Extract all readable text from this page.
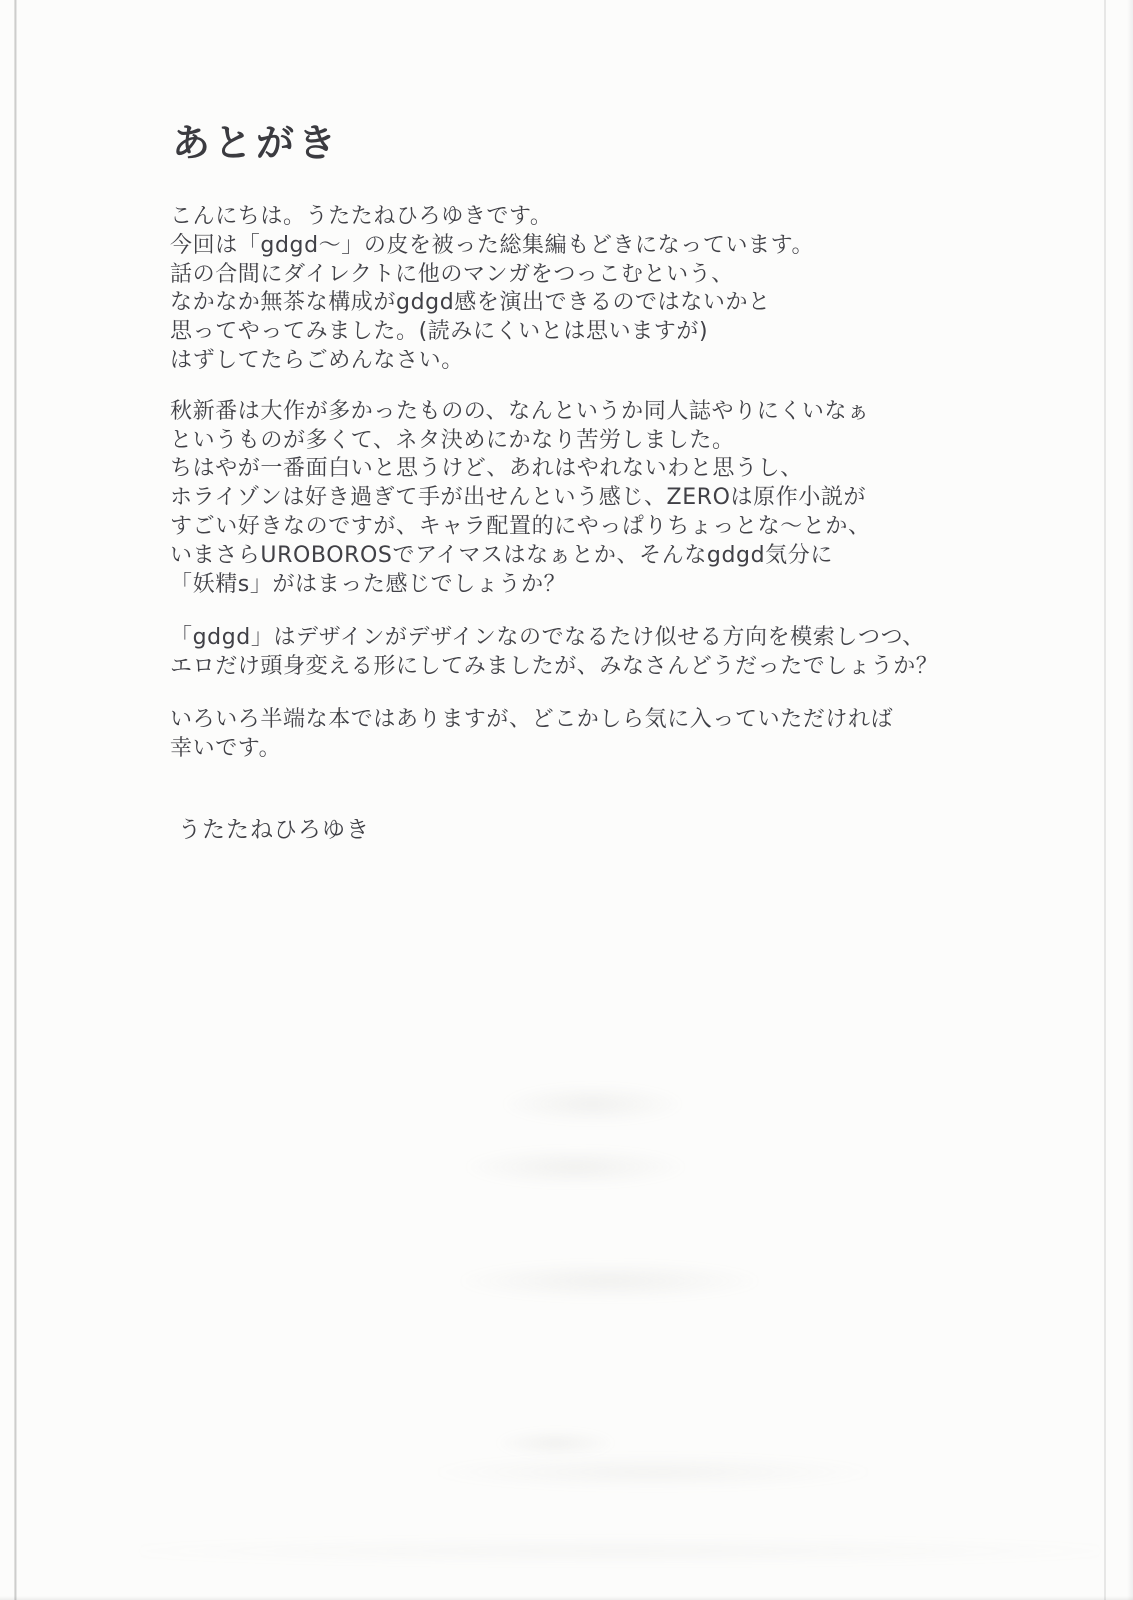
あとがき

こんにちは。うたたねひろゆきです。
今回は「gdgd～」の皮を被った総集編もどきになっています。
話の合間にダイレクトに他のマンガをつっこむという、
なかなか無茶な構成がgdgd感を演出できるのではないかと
思ってやってみました。(読みにくいとは思いますが)
はずしてたらごめんなさい。

秋新番は大作が多かったものの、なんというか同人誌やりにくいなぁ
というものが多くて、ネタ決めにかなり苦労しました。
ちはやが一番面白いと思うけど、あれはやれないわと思うし、
ホライゾンは好き過ぎて手が出せんという感じ、ZEROは原作小説が
すごい好きなのですが、キャラ配置的にやっぱりちょっとな～とか、
いまさらUROBOROSでアイマスはなぁとか、そんなgdgd気分に
「妖精s」がはまった感じでしょうか？

「gdgd」はデザインがデザインなのでなるたけ似せる方向を模索しつつ、
エロだけ頭身変える形にしてみましたが、みなさんどうだったでしょうか？

いろいろ半端な本ではありますが、どこかしら気に入っていただければ
幸いです。

うたたねひろゆき
